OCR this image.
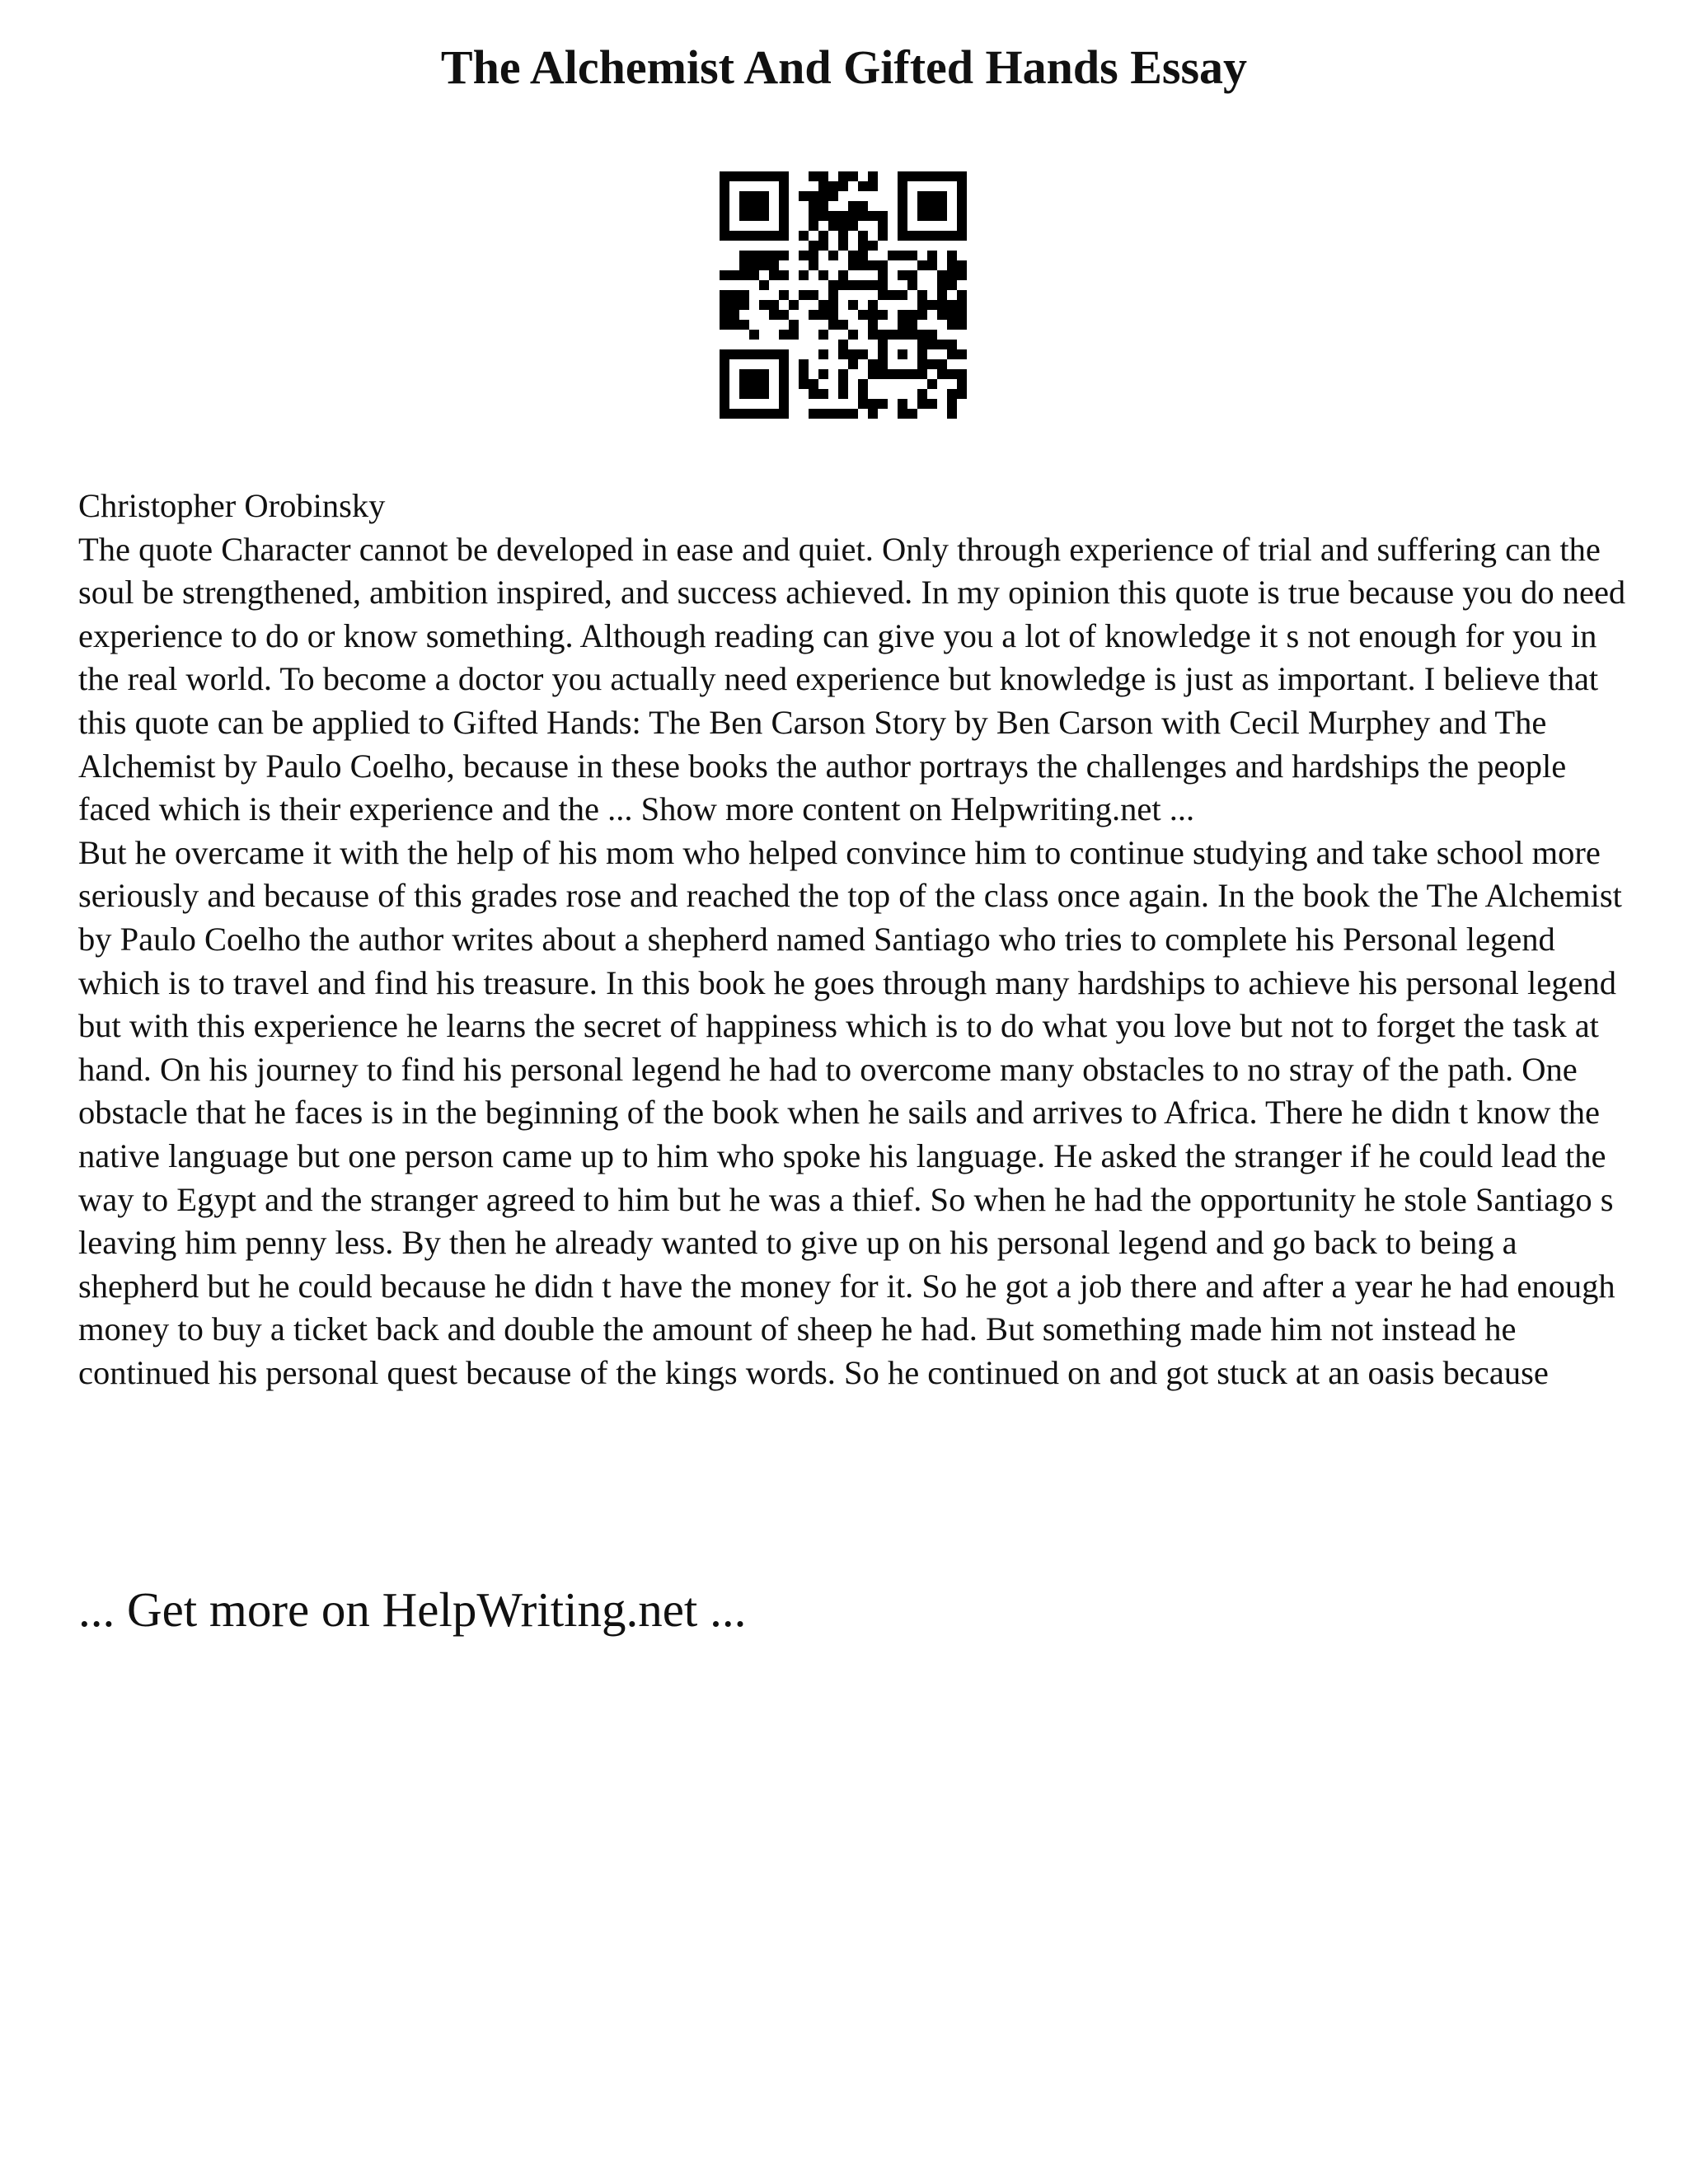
The Alchemist And Gifted Hands Essay

Christopher Orobinsky

The quote Character cannot be developed in ease and quiet. Only through experience of trial and suffering can the soul be strengthened, ambition inspired, and success achieved. In my opinion this quote is true because you do need experience to do or know something. Although reading can give you a lot of knowledge it s not enough for you in the real world. To become a doctor you actually need experience but knowledge is just as important. I believe that this quote can be applied to Gifted Hands: The Ben Carson Story by Ben Carson with Cecil Murphey and The Alchemist by Paulo Coelho, because in these books the author portrays the challenges and hardships the people faced which is their experience and the ... Show more content on Helpwriting.net ...

But he overcame it with the help of his mom who helped convince him to continue studying and take school more seriously and because of this grades rose and reached the top of the class once again. In the book the The Alchemist by Paulo Coelho the author writes about a shepherd named Santiago who tries to complete his Personal legend which is to travel and find his treasure. In this book he goes through many hardships to achieve his personal legend but with this experience he learns the secret of happiness which is to do what you love but not to forget the task at hand. On his journey to find his personal legend he had to overcome many obstacles to no stray of the path. One obstacle that he faces is in the beginning of the book when he sails and arrives to Africa. There he didn t know the native language but one person came up to him who spoke his language. He asked the stranger if he could lead the way to Egypt and the stranger agreed to him but he was a thief. So when he had the opportunity he stole Santiago s leaving him penny less. By then he already wanted to give up on his personal legend and go back to being a shepherd but he could because he didn t have the money for it. So he got a job there and after a year he had enough money to buy a ticket back and double the amount of sheep he had. But something made him not instead he continued his personal quest because of the kings words. So he continued on and got stuck at an oasis because

... Get more on HelpWriting.net ...
